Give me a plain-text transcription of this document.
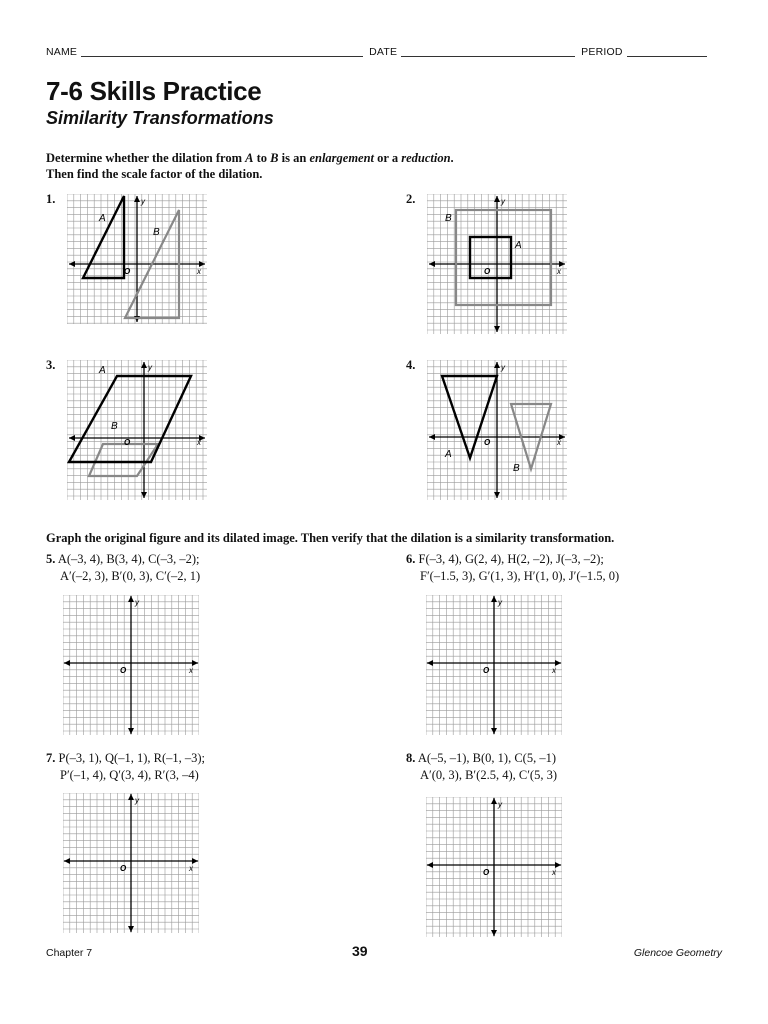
NAME	DATE	PERIOD
7-6 Skills Practice
Similarity Transformations
Determine whether the dilation from A to B is an enlargement or a reduction.
Then find the scale factor of the dilation.
1.	2.
3.	4.
A
B
x
y
O
B
A
x
y
O
A
B
x
y
O
A
B
x
y
O
Graph the original figure and its dilated image. Then verify that the dilation is a similarity transformation.
5. A(–3, 4), B(3, 4), C(–3, –2);
A′(–2, 3), B′(0, 3), C′(–2, 1)
6. F(–3, 4), G(2, 4), H(2, –2), J(–3, –2);
F′(–1.5, 3), G′(1, 3), H′(1, 0), J′(–1.5, 0)
7. P(–3, 1), Q(–1, 1), R(–1, –3);
P′(–1, 4), Q′(3, 4), R′(3, –4)
8. A(–5, –1), B(0, 1), C(5, –1)
A′(0, 3), B′(2.5, 4), C′(5, 3)
x
y
O	x
y
O
x
y
O	x
y
O
Chapter 7	39	Glencoe Geometry
